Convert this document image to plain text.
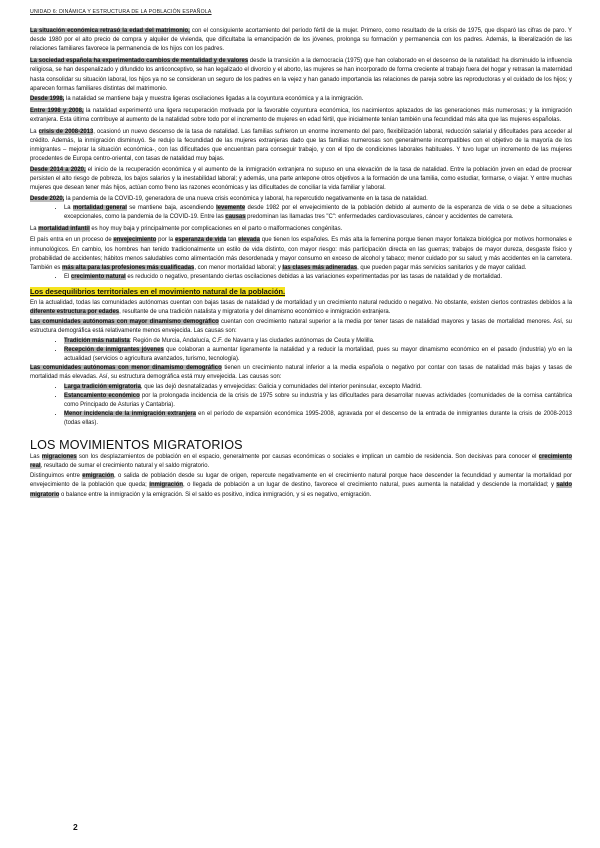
UNIDAD 6: DINÁMICA Y ESTRUCTURA DE LA POBLACIÓN ESPAÑOLA

La situación económica retrasó la edad del matrimonio, con el consiguiente acortamiento del período fértil de la mujer. Primero, como resultado de la crisis de 1975, que disparó las cifras de paro. Y desde 1980 por el alto precio de compra y alquiler de vivienda, que dificultaba la emancipación de los jóvenes, prolonga su formación y permanencia con los padres. Además, la liberalización de las relaciones familiares favorece la permanencia de los hijos con los padres.

La sociedad española ha experimentado cambios de mentalidad y de valores desde la transición a la democracia (1975) que han colaborado en el descenso de la natalidad: ha disminuido la influencia religiosa, se han despenalizado y difundido los anticonceptivo, se han legalizado el divorcio y el aborto, las mujeres se han incorporado de forma creciente al trabajo fuera del hogar y retrasan la maternidad hasta consolidar su situación laboral, los hijos ya no se consideran un seguro de los padres en la vejez y han ganado importancia las relaciones de pareja sobre las reproductoras y el cuidado de los hijos; y aparecen formas familiares distintas del matrimonio.

Desde 1998, la natalidad se mantiene baja y muestra ligeras oscilaciones ligadas a la coyuntura económica y a la inmigración.

Entre 1998 y 2008, la natalidad experimentó una ligera recuperación motivada por la favorable coyuntura económica, los nacimientos aplazados de las generaciones más numerosas; y la inmigración extranjera. Esta última contribuye al aumento de la natalidad sobre todo por el incremento de mujeres en edad fértil, que inicialmente tenían también una fecundidad más alta que las mujeres españolas.

La crisis de 2008-2013, ocasionó un nuevo descenso de la tasa de natalidad. Las familias sufrieron un enorme incremento del paro, flexibilización laboral, reducción salarial y dificultades para acceder al crédito. Además, la inmigración disminuyó. Se redujo la fecundidad de las mujeres extranjeras dado que las familias numerosas son generalmente incompatibles con el objetivo de la mayoría de los inmigrantes – mejorar la situación económica-, con las dificultades que encuentran para conseguir trabajo, y con el tipo de condiciones laborales habituales. Y tuvo lugar un incremento de las mujeres procedentes de Europa centro-oriental, con tasas de natalidad muy bajas.

Desde 2014 a 2020, el inicio de la recuperación económica y el aumento de la inmigración extranjera no supuso en una elevación de la tasa de natalidad. Entre la población joven en edad de procrear persisten el alto riesgo de pobreza, los bajos salarios y la inestabilidad laboral; y además, una parte antepone otros objetivos a la formación de una familia, como estudiar, formarse, o viajar. Y entre muchas mujeres que desean tener más hijos, actúan como freno las razones económicas y las dificultades de conciliar la vida familiar y laboral.

Desde 2020, la pandemia de la COVID-19, generadora de una nueva crisis económica y laboral, ha repercutido negativamente en la tasa de natalidad.

• La mortalidad general se mantiene baja, ascendiendo levemente desde 1982 por el envejecimiento de la población debido al aumento de la esperanza de vida o se debe a situaciones excepcionales, como la pandemia de la COVID-19. Entre las causas predominan las llamadas tres "C": enfermedades cardiovasculares, cáncer y accidentes de carretera.

La mortalidad infantil es hoy muy baja y principalmente por complicaciones en el parto o malformaciones congénitas.

El país entra en un proceso de envejecimiento por la esperanza de vida tan elevada que tienen los españoles. Es más alta la femenina porque tienen mayor fortaleza biológica por motivos hormonales e inmunológicos. En cambio, los hombres han tenido tradicionalmente un estilo de vida distinto, con mayor riesgo: más participación directa en las guerras; trabajos de mayor dureza, desgaste físico y probabilidad de accidentes; hábitos menos saludables como alimentación más desordenada y mayor consumo en exceso de alcohol y tabaco; menor cuidado por su salud; y más accidentes en la carretera. También es más alta para las profesiones más cualificadas, con menor mortalidad laboral; y las clases más adineradas, que pueden pagar más servicios sanitarios y de mayor calidad.

• El crecimiento natural es reducido o negativo, presentando ciertas oscilaciones debidas a las variaciones experimentadas por las tasas de natalidad y de mortalidad.
Los desequilibrios territoriales en el movimiento natural de la población.

En la actualidad, todas las comunidades autónomas cuentan con bajas tasas de natalidad y de mortalidad y un crecimiento natural reducido o negativo. No obstante, existen ciertos contrastes debidos a la diferente estructura por edades, resultante de una tradición natalista y migratoria y del dinamismo económico e inmigración extranjera.

Las comunidades autónomas con mayor dinamismo demográfico cuentan con crecimiento natural superior a la media por tener tasas de natalidad mayores y tasas de mortalidad menores. Así, su estructura demográfica está relativamente menos envejecida. Las causas son:

• Tradición más natalista: Región de Murcia, Andalucía, C.F. de Navarra y las ciudades autónomas de Ceuta y Melilla.
• Recepción de inmigrantes jóvenes que colaboran a aumentar ligeramente la natalidad y a reducir la mortalidad, pues su mayor dinamismo económico en el pasado (industria) y/o en la actualidad (servicios o agricultura avanzados, turismo, tecnología).

Las comunidades autónomas con menor dinamismo demográfico tienen un crecimiento natural inferior a la media española o negativo por contar con tasas de natalidad más bajas y tasas de mortalidad más elevadas. Así, su estructura demográfica está muy envejecida. Las causas son:

• Larga tradición emigratoria, que las dejó desnatalizadas y envejecidas: Galicia y comunidades del interior peninsular, excepto Madrid.
• Estancamiento económico por la prolongada incidencia de la crisis de 1975 sobre su industria y las dificultades para desarrollar nuevas actividades (comunidades de la cornisa cantábrica como Principado de Asturias y Cantabria).
• Menor incidencia de la inmigración extranjera en el período de expansión económica 1995-2008, agravada por el descenso de la entrada de inmigrantes durante la crisis de 2008-2013 (todas ellas).
LOS MOVIMIENTOS MIGRATORIOS

Las migraciones son los desplazamientos de población en el espacio, generalmente por causas económicas o sociales e implican un cambio de residencia. Son decisivas para conocer el crecimiento real, resultado de sumar el crecimiento natural y el saldo migratorio.

Distinguimos entre emigración, o salida de población desde su lugar de origen, repercute negativamente en el crecimiento natural porque hace descender la fecundidad y aumentar la mortalidad por envejecimiento de la población que queda; inmigración, o llegada de población a un lugar de destino, favorece el crecimiento natural, pues aumenta la natalidad y desciende la mortalidad; y saldo migratorio o balance entre la inmigración y la emigración. Si el saldo es positivo, indica inmigración, y si es negativo, emigración.

2
